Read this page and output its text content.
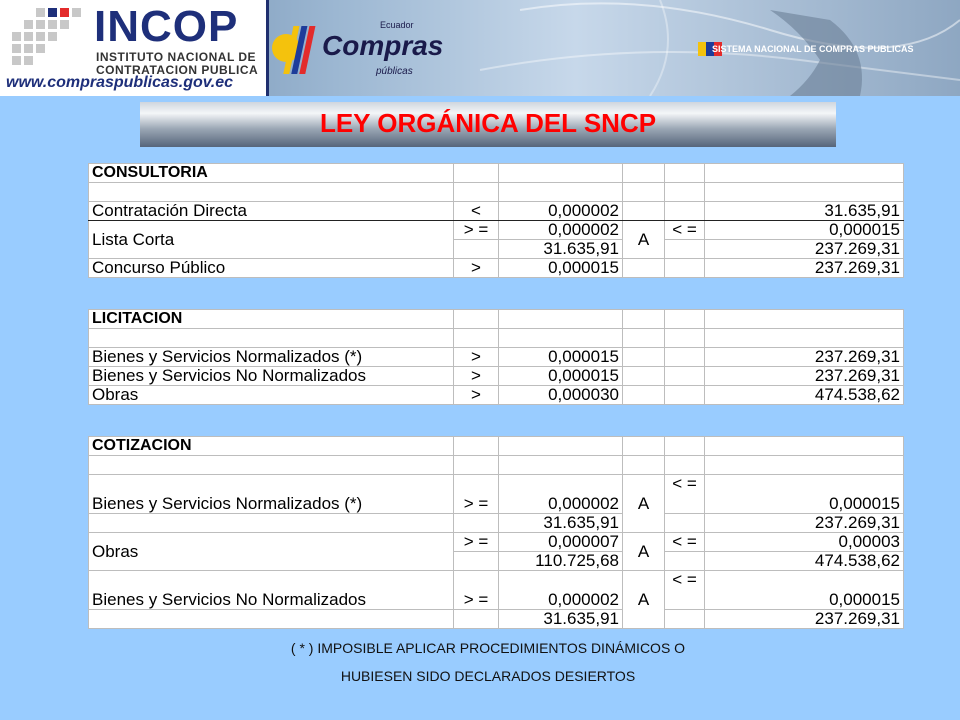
INCOP
INSTITUTO NACIONAL DE
CONTRATACION PUBLICA
www.compraspublicas.gov.ec
Ecuador
Compras
públicas
SISTEMA NACIONAL DE COMPRAS PUBLICAS
LEY ORGÁNICA DEL SNCP
CONSULTORIA					

Contratación Directa	<	0,000002			31.635,91
Lista Corta	> =	0,000002	A	< =	0,000015
		31.635,91			237.269,31
Concurso Público	>	0,000015			237.269,31
LICITACION					

Bienes y Servicios Normalizados (*)	>	0,000015			237.269,31
Bienes y Servicios No Normalizados	>	0,000015			237.269,31
Obras	>	0,000030			474.538,62
COTIZACION					

Bienes y Servicios Normalizados (*)	> =	0,000002	A	< =	0,000015
		31.635,91			237.269,31
Obras	> =	0,000007	A	< =	0,00003
		110.725,68			474.538,62
Bienes y Servicios No Normalizados	> =	0,000002	A	< =	0,000015
		31.635,91			237.269,31
( * ) IMPOSIBLE APLICAR PROCEDIMIENTOS DINÁMICOS O
HUBIESEN SIDO DECLARADOS DESIERTOS
